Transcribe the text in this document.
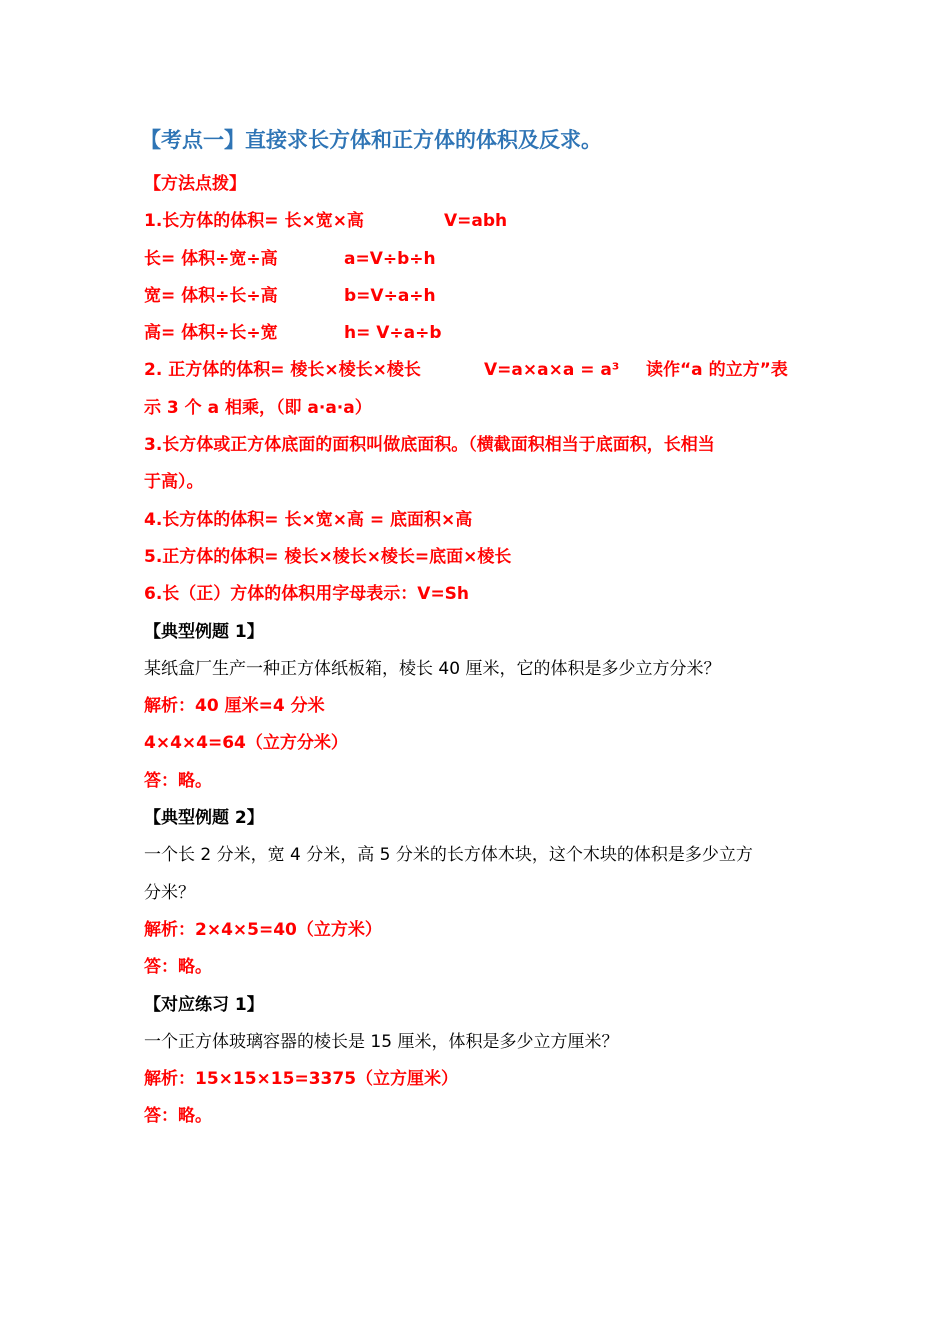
【考点一】直接求长方体和正方体的体积及反求。
【方法点拨】
1.长方体的体积= 长×宽×高	V=abh
长= 体积÷宽÷高	a=V÷b÷h
宽= 体积÷长÷高	b=V÷a÷h
高= 体积÷长÷宽	h= V÷a÷b
2. 正方体的体积= 棱长×棱长×棱长	V=a×a×a = a³ 读作“a 的立方”表
示 3 个 a 相乘，（即 a·a·a）
3.长方体或正方体底面的面积叫做底面积。（横截面积相当于底面积，长相当
于高）。
4.长方体的体积= 长×宽×高 = 底面积×高
5.正方体的体积= 棱长×棱长×棱长=底面×棱长
6.长（正）方体的体积用字母表示：V=Sh
【典型例题 1】
某纸盒厂生产一种正方体纸板箱，棱长 40 厘米，它的体积是多少立方分米？
解析：40 厘米=4 分米
4×4×4=64（立方分米）
答：略。
【典型例题 2】
一个长 2 分米，宽 4 分米，高 5 分米的长方体木块，这个木块的体积是多少立方
分米？
解析：2×4×5=40（立方米）
答：略。
【对应练习 1】
一个正方体玻璃容器的棱长是 15 厘米，体积是多少立方厘米？
解析：15×15×15=3375（立方厘米）
答：略。
